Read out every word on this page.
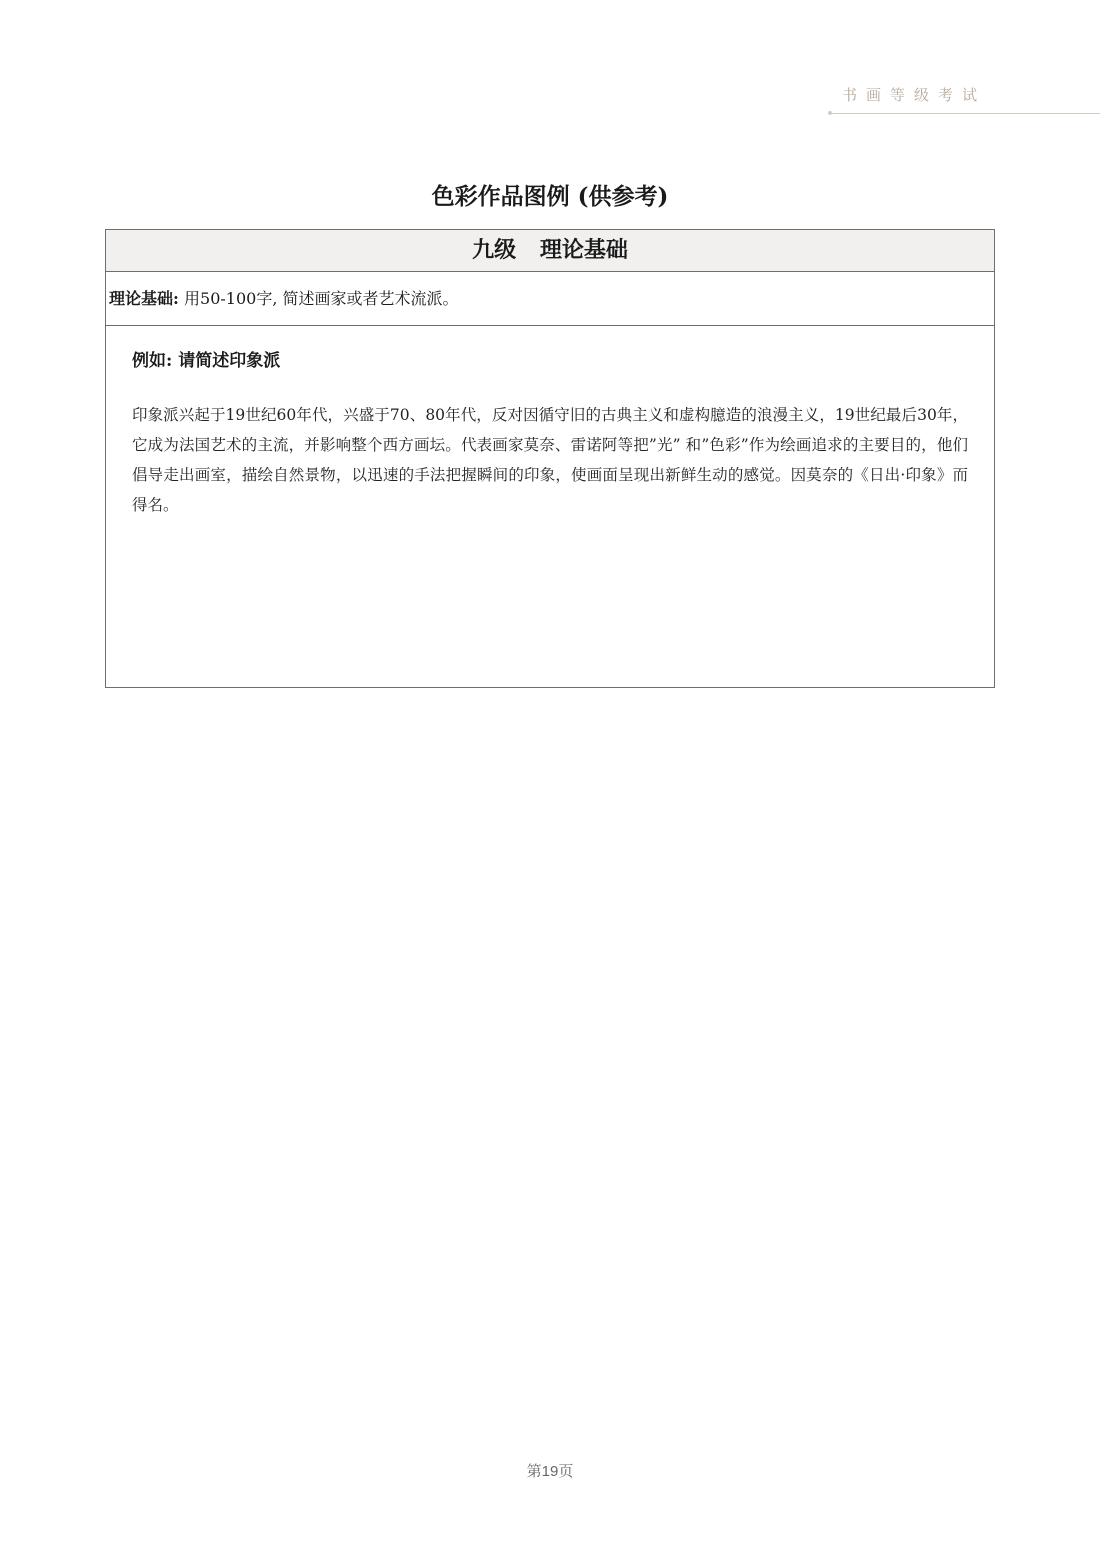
书画等级考试
色彩作品图例 (供参考)
九级 理论基础
理论基础: 用50-100字, 简述画家或者艺术流派。
例如: 请简述印象派
印象派兴起于19世纪60年代，兴盛于70、80年代，反对因循守旧的古典主义和虚构臆造的浪漫主义，19世纪最后30年，它成为法国艺术的主流，并影响整个西方画坛。代表画家莫奈、雷诺阿等把”光” 和”色彩”作为绘画追求的主要目的，他们倡导走出画室，描绘自然景物，以迅速的手法把握瞬间的印象，使画面呈现出新鲜生动的感觉。因莫奈的《日出·印象》而得名。
第19页
